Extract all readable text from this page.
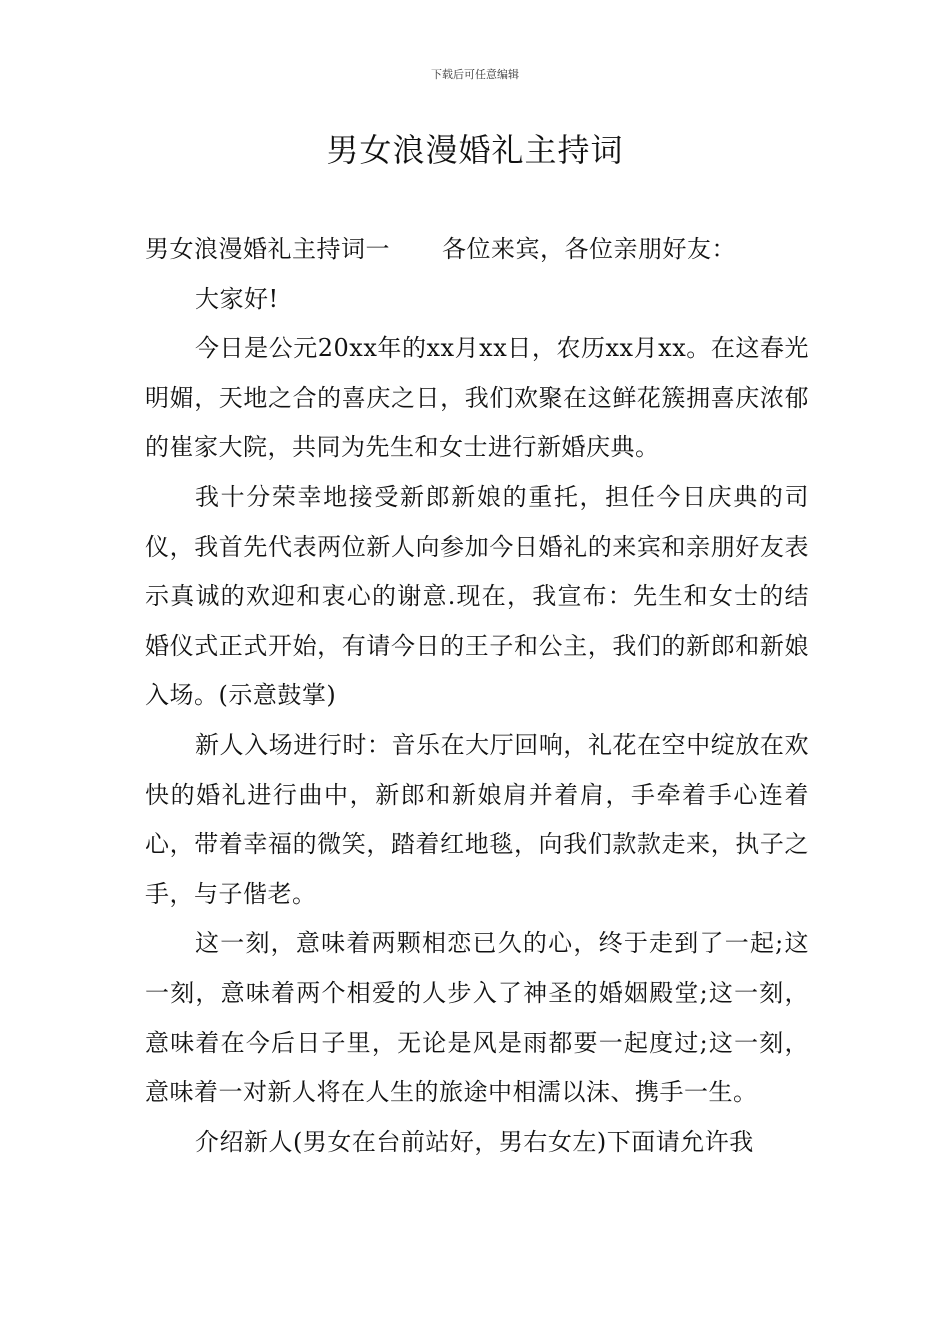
下载后可任意编辑
男女浪漫婚礼主持词

男女浪漫婚礼主持词一 各位来宾，各位亲朋好友：

大家好!

今日是公元20xx年的xx月xx日，农历xx月xx。在这春光明媚，天地之合的喜庆之日，我们欢聚在这鲜花簇拥喜庆浓郁的崔家大院，共同为先生和女士进行新婚庆典。

我十分荣幸地接受新郎新娘的重托，担任今日庆典的司仪，我首先代表两位新人向参加今日婚礼的来宾和亲朋好友表示真诚的欢迎和衷心的谢意.现在，我宣布：先生和女士的结婚仪式正式开始，有请今日的王子和公主，我们的新郎和新娘入场。(示意鼓掌)

新人入场进行时：音乐在大厅回响，礼花在空中绽放在欢快的婚礼进行曲中，新郎和新娘肩并着肩，手牵着手心连着心，带着幸福的微笑，踏着红地毯，向我们款款走来，执子之手，与子偕老。

这一刻，意味着两颗相恋已久的心，终于走到了一起;这一刻，意味着两个相爱的人步入了神圣的婚姻殿堂;这一刻，意味着在今后日子里，无论是风是雨都要一起度过;这一刻，意味着一对新人将在人生的旅途中相濡以沫、携手一生。

介绍新人(男女在台前站好，男右女左)下面请允许我
